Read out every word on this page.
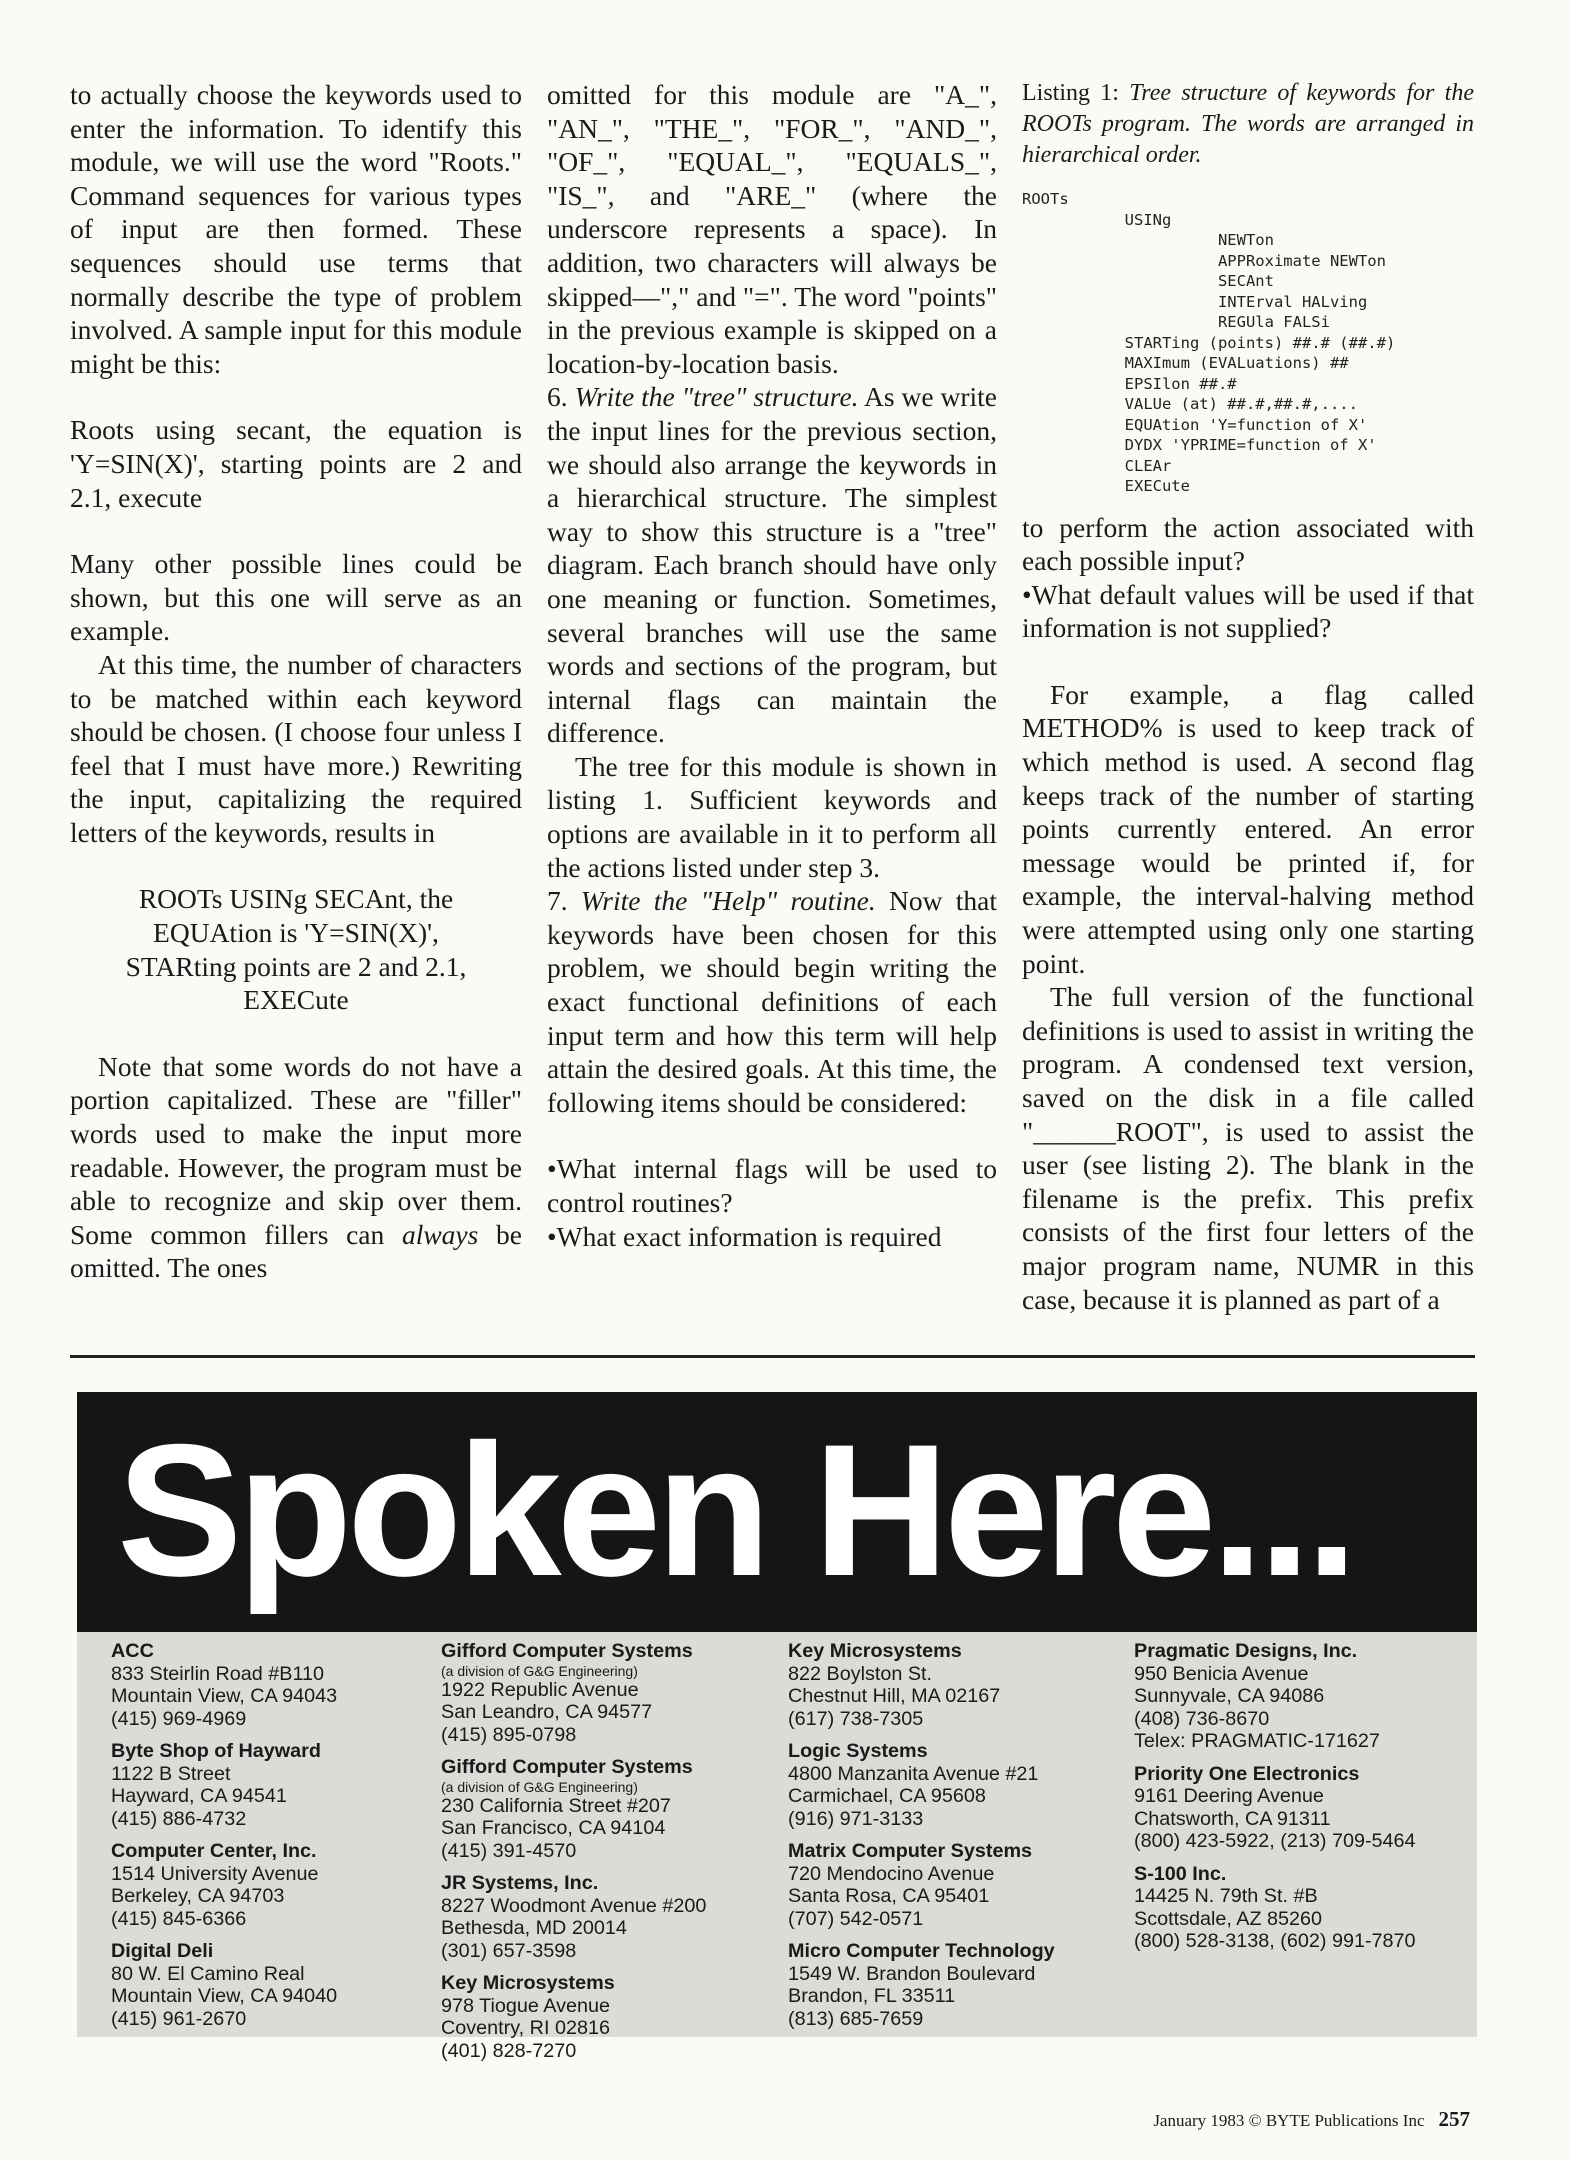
to actually choose the keywords used to enter the information. To identify this module, we will use the word "Roots." Command sequences for various types of input are then formed. These sequences should use terms that normally describe the type of problem involved. A sample input for this module might be this:

Roots using secant, the equation is 'Y=SIN(X)', starting points are 2 and 2.1, execute

Many other possible lines could be shown, but this one will serve as an example.

At this time, the number of characters to be matched within each keyword should be chosen. (I choose four unless I feel that I must have more.) Rewriting the input, capitalizing the required letters of the keywords, results in

ROOTs USINg SECAnt, the

EQUAtion is 'Y=SIN(X)',

STARting points are 2 and 2.1,

EXECute

Note that some words do not have a portion capitalized. These are "filler" words used to make the input more readable. However, the program must be able to recognize and skip over them. Some common fillers can always be omitted. The ones

omitted for this module are "A_", "AN_", "THE_", "FOR_", "AND_", "OF_", "EQUAL_", "EQUALS_", "IS_", and "ARE_" (where the underscore represents a space). In addition, two characters will always be skipped—"," and "=". The word "points" in the previous example is skipped on a location-by-location basis.

6. Write the "tree" structure. As we write the input lines for the previous section, we should also arrange the keywords in a hierarchical structure. The simplest way to show this structure is a "tree" diagram. Each branch should have only one meaning or function. Sometimes, several branches will use the same words and sections of the program, but internal flags can maintain the difference.

The tree for this module is shown in listing 1. Sufficient keywords and options are available in it to perform all the actions listed under step 3.

7. Write the "Help" routine. Now that keywords have been chosen for this problem, we should begin writing the exact functional definitions of each input term and how this term will help attain the desired goals. At this time, the following items should be considered:

•What internal flags will be used to control routines?

•What exact information is required

Listing 1: Tree structure of keywords for the ROOTs program. The words are arranged in hierarchical order.

ROOTs
USINg
NEWTon
APPRoximate NEWTon
SECAnt
INTErval HALving
REGUla FALSi
STARTing (points) ##.# (##.#)
MAXImum (EVALuations) ##
EPSIlon ##.#
VALUe (at) ##.#,##.#,....
EQUAtion 'Y=function of X'
DYDX 'YPRIME=function of X'
CLEAr
EXECute

to perform the action associated with each possible input?

•What default values will be used if that information is not supplied?

For example, a flag called METHOD% is used to keep track of which method is used. A second flag keeps track of the number of starting points currently entered. An error message would be printed if, for example, the interval-halving method were attempted using only one starting point.

The full version of the functional definitions is used to assist in writing the program. A condensed text version, saved on the disk in a file called "______ROOT", is used to assist the user (see listing 2). The blank in the filename is the prefix. This prefix consists of the first four letters of the major program name, NUMR in this case, because it is planned as part of a

Spoken Here...
ACC
833 Steirlin Road #B110
Mountain View, CA 94043
(415) 969-4969
Byte Shop of Hayward
1122 B Street
Hayward, CA 94541
(415) 886-4732
Computer Center, Inc.
1514 University Avenue
Berkeley, CA 94703
(415) 845-6366
Digital Deli
80 W. El Camino Real
Mountain View, CA 94040
(415) 961-2670
Gifford Computer Systems
(a division of G&G Engineering)
1922 Republic Avenue
San Leandro, CA 94577
(415) 895-0798
Gifford Computer Systems
(a division of G&G Engineering)
230 California Street #207
San Francisco, CA 94104
(415) 391-4570
JR Systems, Inc.
8227 Woodmont Avenue #200
Bethesda, MD 20014
(301) 657-3598
Key Microsystems
978 Tiogue Avenue
Coventry, RI 02816
(401) 828-7270
Key Microsystems
822 Boylston St.
Chestnut Hill, MA 02167
(617) 738-7305
Logic Systems
4800 Manzanita Avenue #21
Carmichael, CA 95608
(916) 971-3133
Matrix Computer Systems
720 Mendocino Avenue
Santa Rosa, CA 95401
(707) 542-0571
Micro Computer Technology
1549 W. Brandon Boulevard
Brandon, FL 33511
(813) 685-7659
Pragmatic Designs, Inc.
950 Benicia Avenue
Sunnyvale, CA 94086
(408) 736-8670
Telex: PRAGMATIC-171627
Priority One Electronics
9161 Deering Avenue
Chatsworth, CA 91311
(800) 423-5922, (213) 709-5464
S-100 Inc.
14425 N. 79th St. #B
Scottsdale, AZ 85260
(800) 528-3138, (602) 991-7870
January 1983 © BYTE Publications Inc 257
